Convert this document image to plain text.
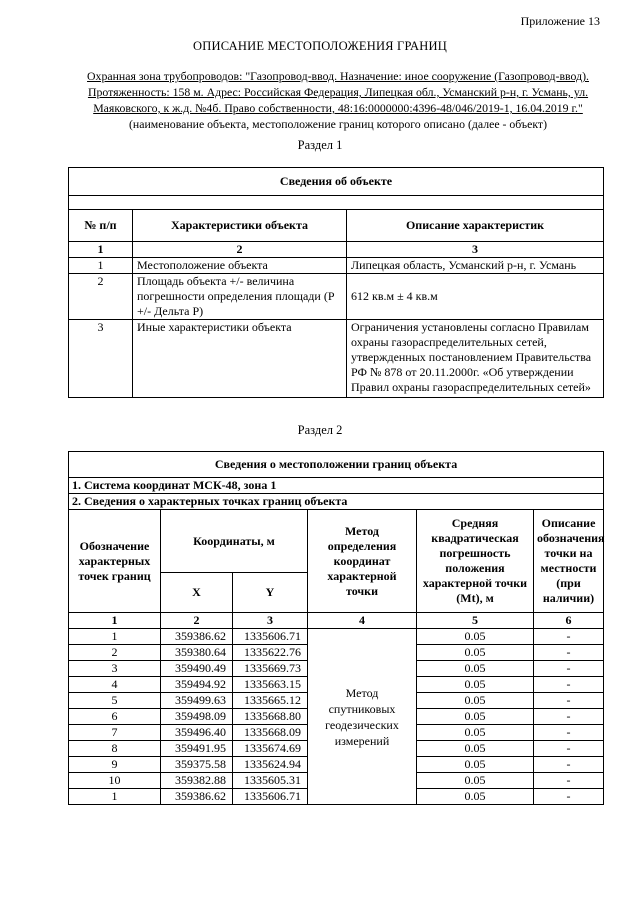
Приложение 13
ОПИСАНИЕ МЕСТОПОЛОЖЕНИЯ ГРАНИЦ
Охранная зона трубопроводов: "Газопровод-ввод. Назначение: иное сооружение (Газопровод-ввод).
Протяженность: 158 м. Адрес: Российская Федерация, Липецкая обл., Усманский р-н, г. Усмань, ул.
Маяковского, к ж.д. №4б. Право собственности, 48:16:0000000:4396-48/046/2019-1, 16.04.2019 г."
(наименование объекта, местоположение границ которого описано (далее - объект)
Раздел 1
Сведения об объекте		

№ п/п	Характеристики объекта	Описание характеристик
1	2	3
1	Местоположение объекта	Липецкая область, Усманский р-н, г. Усмань
2	Площадь объекта +/- величина погрешности определения площади (Р +/- Дельта Р)	612 кв.м ± 4 кв.м
3	Иные характеристики объекта	Ограничения установлены согласно Правилам охраны газораспределительных сетей, утвержденных постановлением Правительства РФ № 878 от 20.11.2000г. «Об утверждении Правил охраны газораспределительных сетей»
Раздел 2
Сведения о местоположении границ объекта					
1. Система координат МСК-48, зона 1					
2. Сведения о характерных точках границ объекта					
Обозначение характерных точек границ	Координаты, м		Метод определения координат характерной точки	Средняя квадратическая погрешность положения характерной точки (Mt), м	Описание обозначения точки на местности (при наличии)
	X	Y			
1	2	3	4	5	6
1	359386.62	1335606.71	Метод спутниковых геодезических измерений	0.05	-
2	359380.64	1335622.76		0.05	-
3	359490.49	1335669.73		0.05	-
4	359494.92	1335663.15		0.05	-
5	359499.63	1335665.12		0.05	-
6	359498.09	1335668.80		0.05	-
7	359496.40	1335668.09		0.05	-
8	359491.95	1335674.69		0.05	-
9	359375.58	1335624.94		0.05	-
10	359382.88	1335605.31		0.05	-
1	359386.62	1335606.71		0.05	-
